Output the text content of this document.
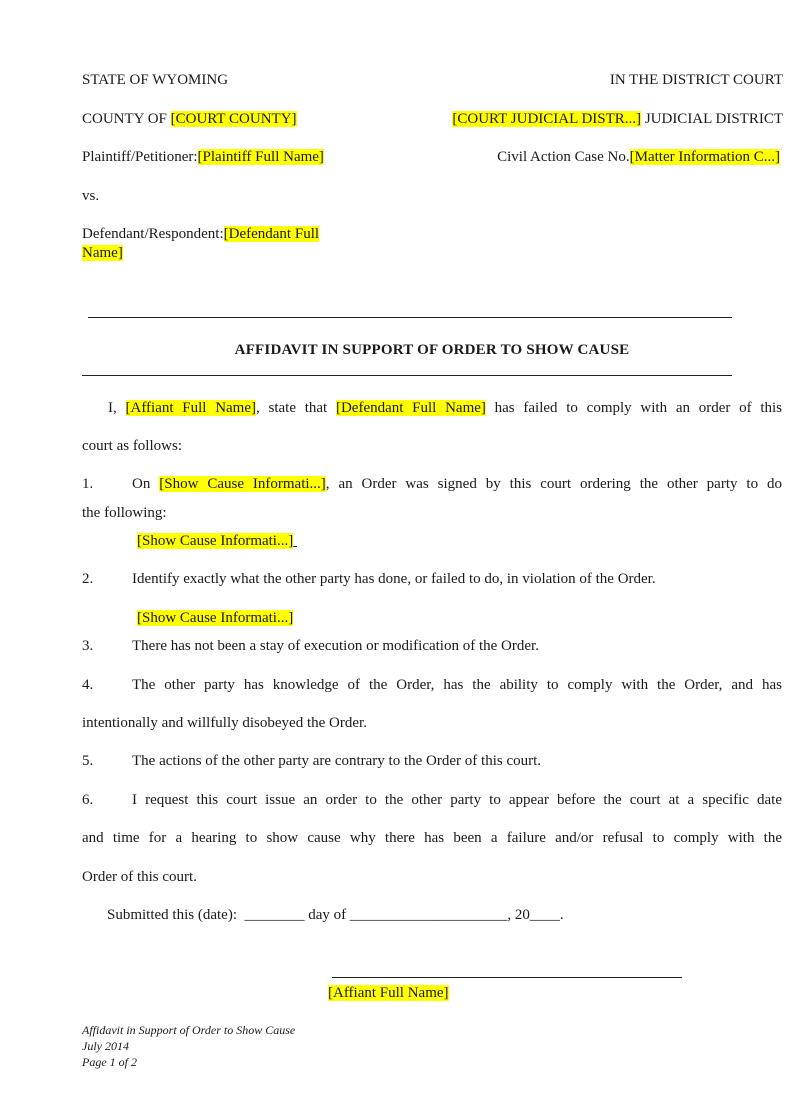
STATE OF WYOMING	IN THE DISTRICT COURT
COUNTY OF [COURT COUNTY]	[COURT JUDICIAL DISTR...] JUDICIAL DISTRICT
Plaintiff/Petitioner:[Plaintiff Full Name]	Civil Action Case No.[Matter Information C...]
vs.
Defendant/Respondent:[Defendant Full
Name]
AFFIDAVIT IN SUPPORT OF ORDER TO SHOW CAUSE
I, [Affiant Full Name], state that [Defendant Full Name] has failed to comply with an order of this
court as follows:
1.	On [Show Cause Informati...], an Order was signed by this court ordering the other party to do
the following:
[Show Cause Informati...]
2.	Identify exactly what the other party has done, or failed to do, in violation of the Order.
[Show Cause Informati...]
3.	There has not been a stay of execution or modification of the Order.
4.	The other party has knowledge of the Order, has the ability to comply with the Order, and has
intentionally and willfully disobeyed the Order.
5.	The actions of the other party are contrary to the Order of this court.
6.	I request this court issue an order to the other party to appear before the court at a specific date
and time for a hearing to show cause why there has been a failure and/or refusal to comply with the
Order of this court.
Submitted this (date):  ________ day of _____________________, 20____.
[Affiant Full Name]
Affidavit in Support of Order to Show Cause
July 2014
Page 1 of 2
